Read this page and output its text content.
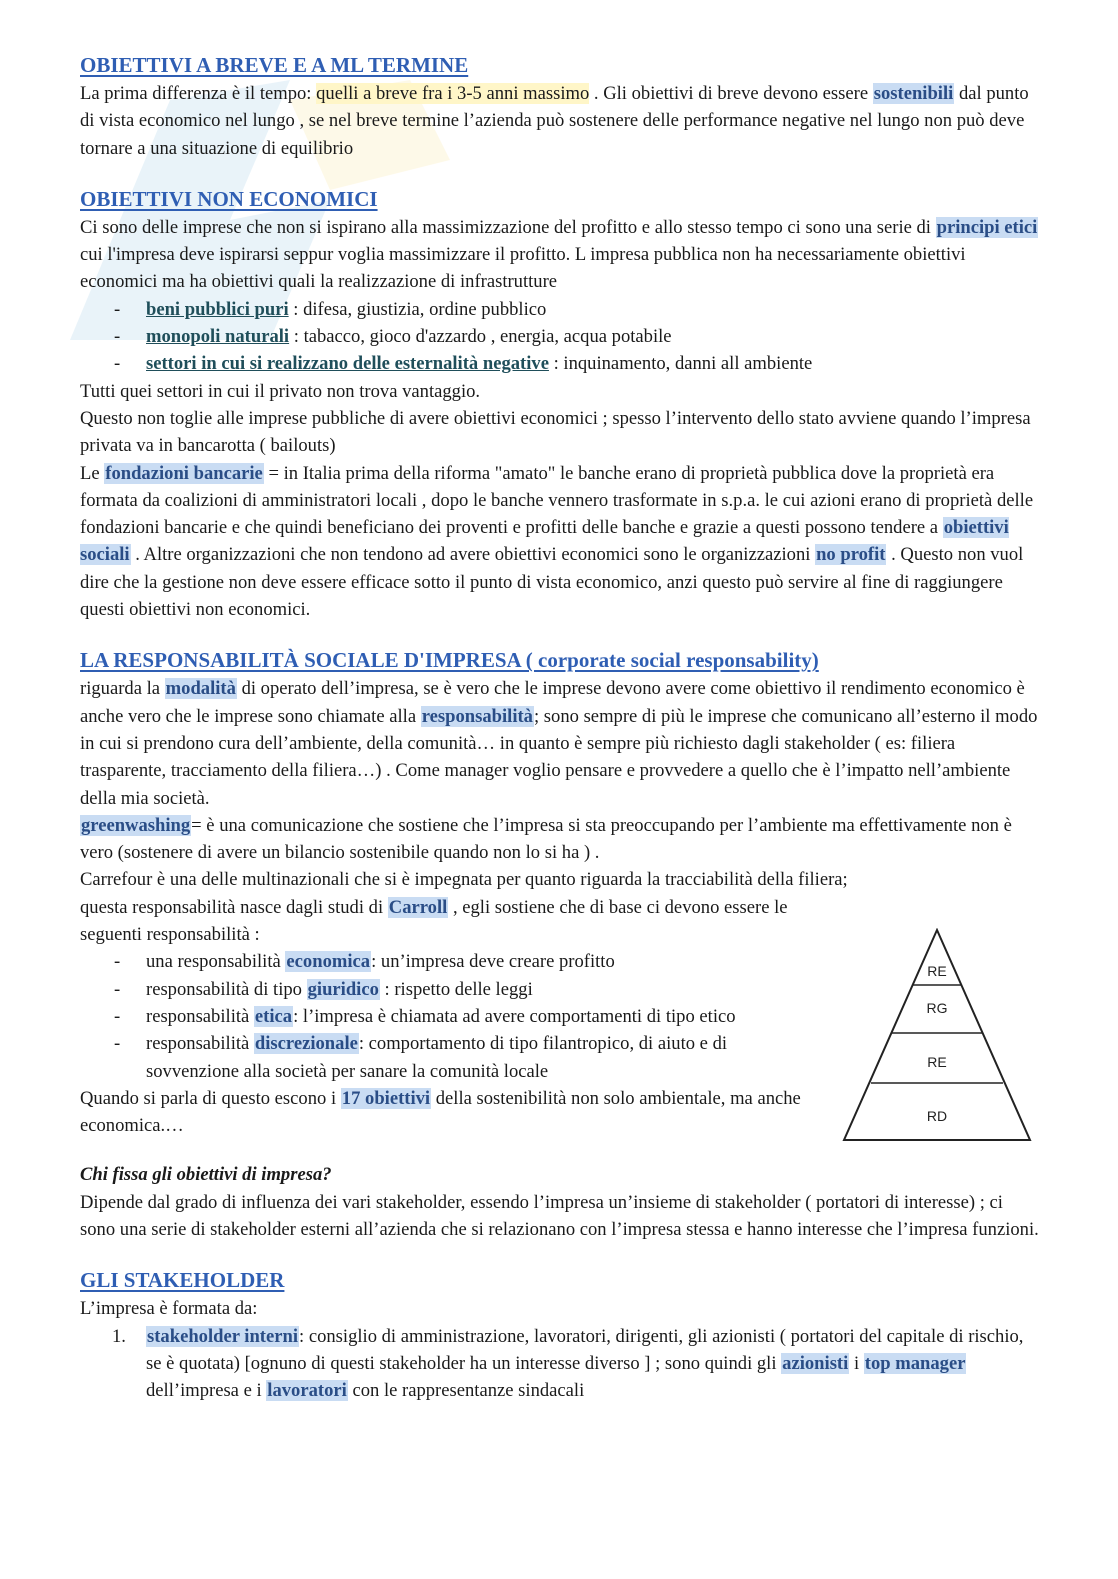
OBIETTIVI A BREVE E A ML TERMINE

La prima differenza è il tempo: quelli a breve fra i 3-5 anni massimo . Gli obiettivi di breve devono essere sostenibili dal punto di vista economico nel lungo , se nel breve termine l’azienda può sostenere delle performance negative nel lungo non può deve tornare a una situazione di equilibrio

OBIETTIVI NON ECONOMICI

Ci sono delle imprese che non si ispirano alla massimizzazione del profitto e allo stesso tempo ci sono una serie di principi etici cui l'impresa deve ispirarsi seppur voglia massimizzare il profitto. L impresa pubblica non ha necessariamente obiettivi economici ma ha obiettivi quali la realizzazione di infrastrutture

- beni pubblici puri : difesa, giustizia, ordine pubblico
- monopoli naturali : tabacco, gioco d'azzardo , energia, acqua potabile
- settori in cui si realizzano delle esternalità negative : inquinamento, danni all ambiente

Tutti quei settori in cui il privato non trova vantaggio.

Questo non toglie alle imprese pubbliche di avere obiettivi economici ; spesso l’intervento dello stato avviene quando l’impresa privata va in bancarotta ( bailouts)

Le fondazioni bancarie = in Italia prima della riforma "amato" le banche erano di proprietà pubblica dove la proprietà era formata da coalizioni di amministratori locali , dopo le banche vennero trasformate in s.p.a. le cui azioni erano di proprietà delle fondazioni bancarie e che quindi beneficiano dei proventi e profitti delle banche e grazie a questi possono tendere a obiettivi sociali . Altre organizzazioni che non tendono ad avere obiettivi economici sono le organizzazioni no profit . Questo non vuol dire che la gestione non deve essere efficace sotto il punto di vista economico, anzi questo può servire al fine di raggiungere questi obiettivi non economici.

LA RESPONSABILITÀ SOCIALE D'IMPRESA ( corporate social responsability)

riguarda la modalità di operato dell’impresa, se è vero che le imprese devono avere come obiettivo il rendimento economico è anche vero che le imprese sono chiamate alla responsabilità; sono sempre di più le imprese che comunicano all’esterno il modo in cui si prendono cura dell’ambiente, della comunità… in quanto è sempre più richiesto dagli stakeholder ( es: filiera trasparente, tracciamento della filiera…) . Come manager voglio pensare e provvedere a quello che è l’impatto nell’ambiente della mia società.

greenwashing= è una comunicazione che sostiene che l’impresa si sta preoccupando per l’ambiente ma effettivamente non è vero (sostenere di avere un bilancio sostenibile quando non lo si ha ) .

Carrefour è una delle multinazionali che si è impegnata per quanto riguarda la tracciabilità della filiera;

questa responsabilità nasce dagli studi di Carroll , egli sostiene che di base ci devono essere le seguenti responsabilità :

- una responsabilità economica: un’impresa deve creare profitto
- responsabilità di tipo giuridico : rispetto delle leggi
- responsabilità etica: l’impresa è chiamata ad avere comportamenti di tipo etico
- responsabilità discrezionale: comportamento di tipo filantropico, di aiuto e di sovvenzione alla società per sanare la comunità locale

Quando si parla di questo escono i 17 obiettivi della sostenibilità non solo ambientale, ma anche economica.…

Chi fissa gli obiettivi di impresa?

Dipende dal grado di influenza dei vari stakeholder, essendo l’impresa un’insieme di stakeholder ( portatori di interesse) ; ci sono una serie di stakeholder esterni all’azienda che si relazionano con l’impresa stessa e hanno interesse che l’impresa funzioni.

GLI STAKEHOLDER

L’impresa è formata da:

1. stakeholder interni: consiglio di amministrazione, lavoratori, dirigenti, gli azionisti ( portatori del capitale di rischio, se è quotata) [ognuno di questi stakeholder ha un interesse diverso ] ; sono quindi gli azionisti i top manager dell’impresa e i lavoratori con le rappresentanze sindacali
RE
RG
RE
RD
